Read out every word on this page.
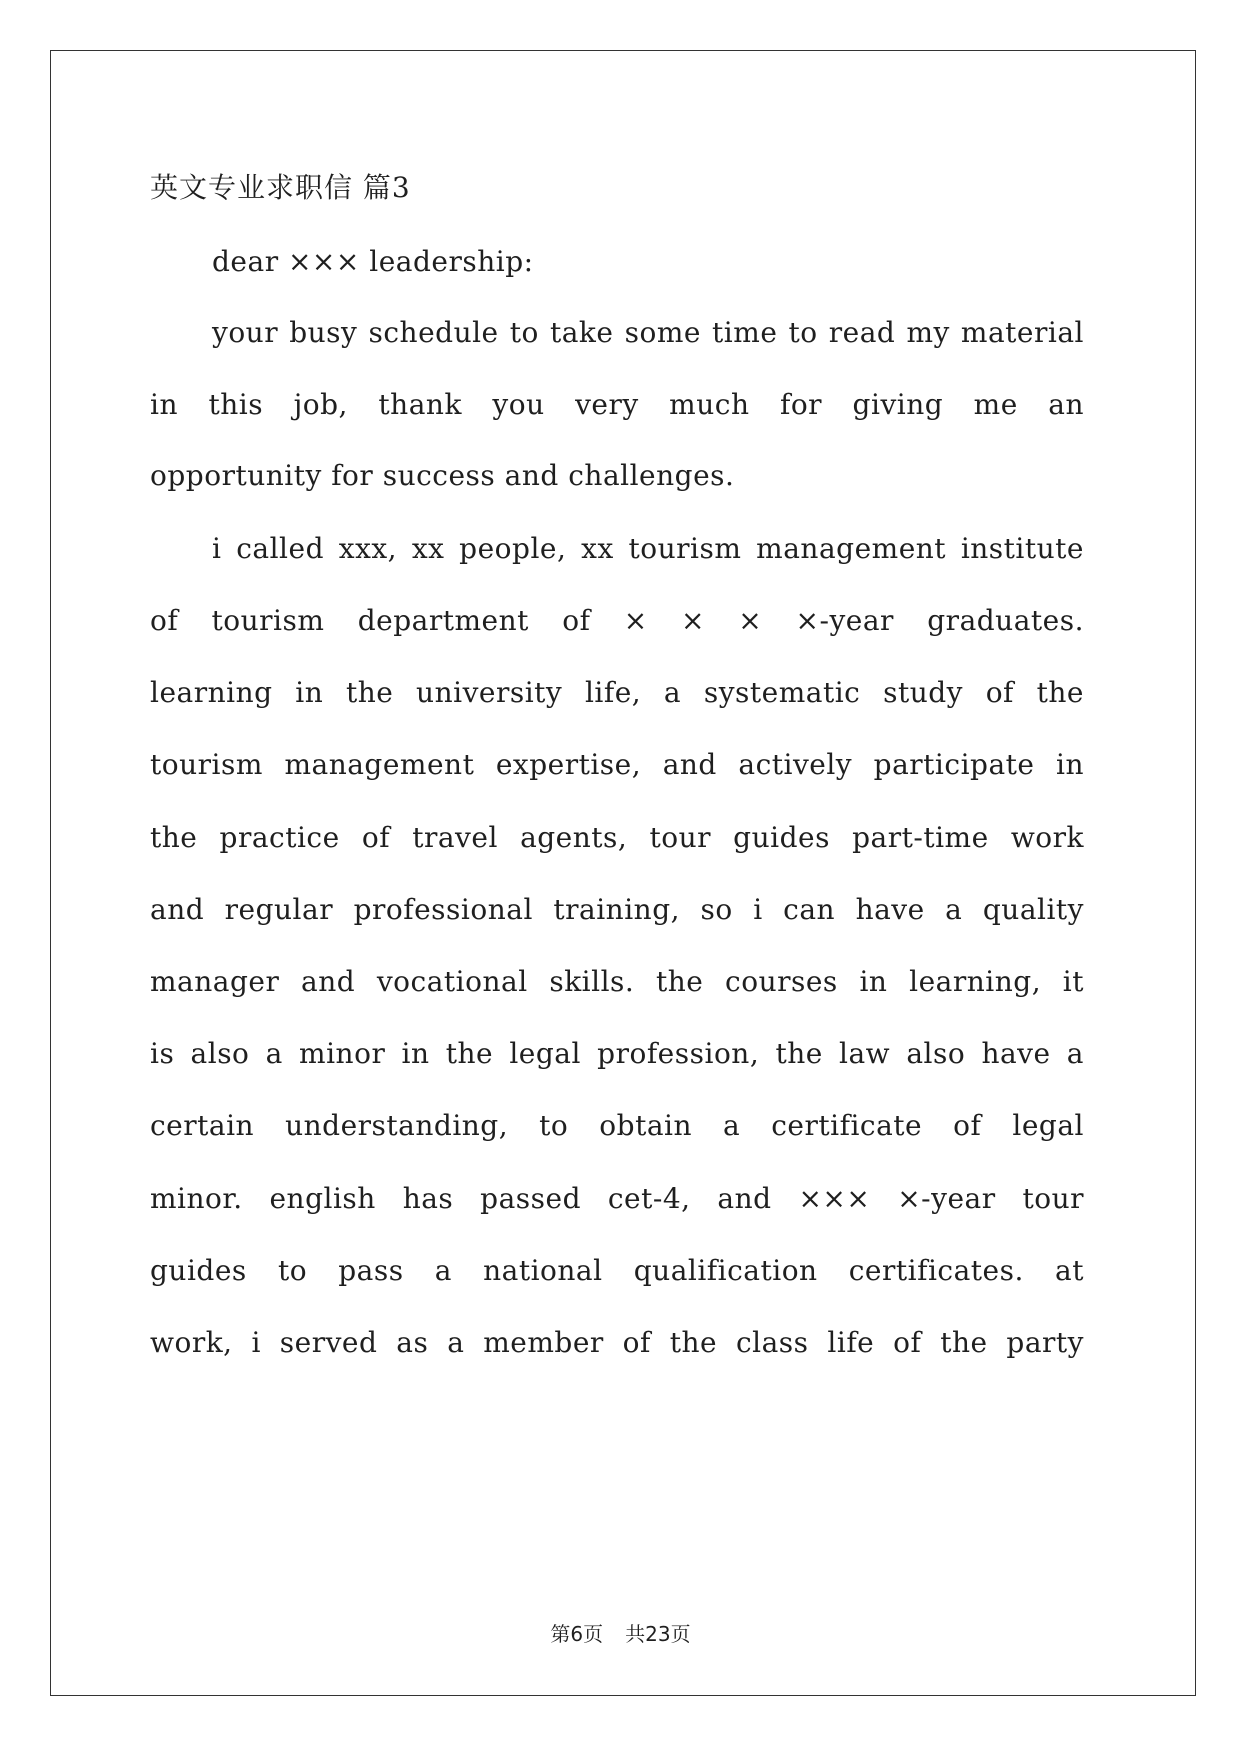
英文专业求职信 篇3
dear ××× leadership:
your busy schedule to take some time to read my material
in this job, thank you very much for giving me an
opportunity for success and challenges.
i called xxx, xx people, xx tourism management institute
of tourism department of × × × ×-year graduates.
learning in the university life, a systematic study of the
tourism management expertise, and actively participate in
the practice of travel agents, tour guides part-time work
and regular professional training, so i can have a quality
manager and vocational skills. the courses in learning, it
is also a minor in the legal profession, the law also have a
certain understanding, to obtain a certificate of legal
minor. english has passed cet-4, and ××× ×-year tour
guides to pass a national qualification certificates. at
work, i served as a member of the class life of the party
第6页 共23页
